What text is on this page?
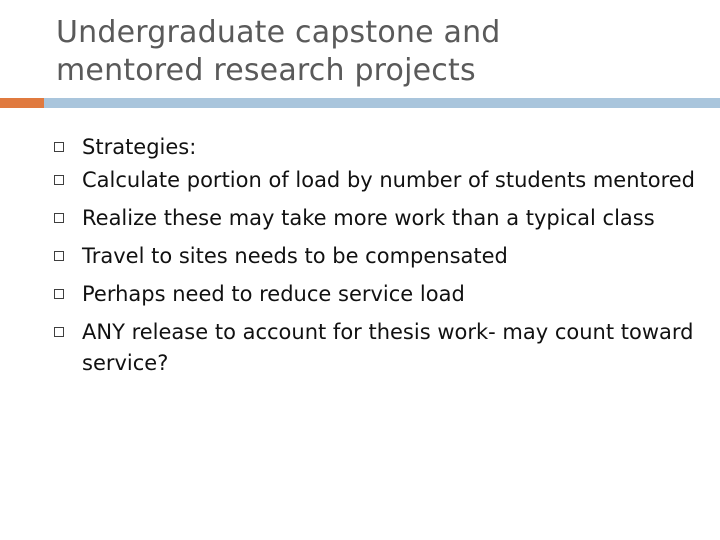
Undergraduate capstone and
mentored research projects
Strategies:
Calculate portion of load by number of students mentored
Realize these may take more work than a typical class
Travel to sites needs to be compensated
Perhaps need to reduce service load
ANY release to account for thesis work- may count toward service?
